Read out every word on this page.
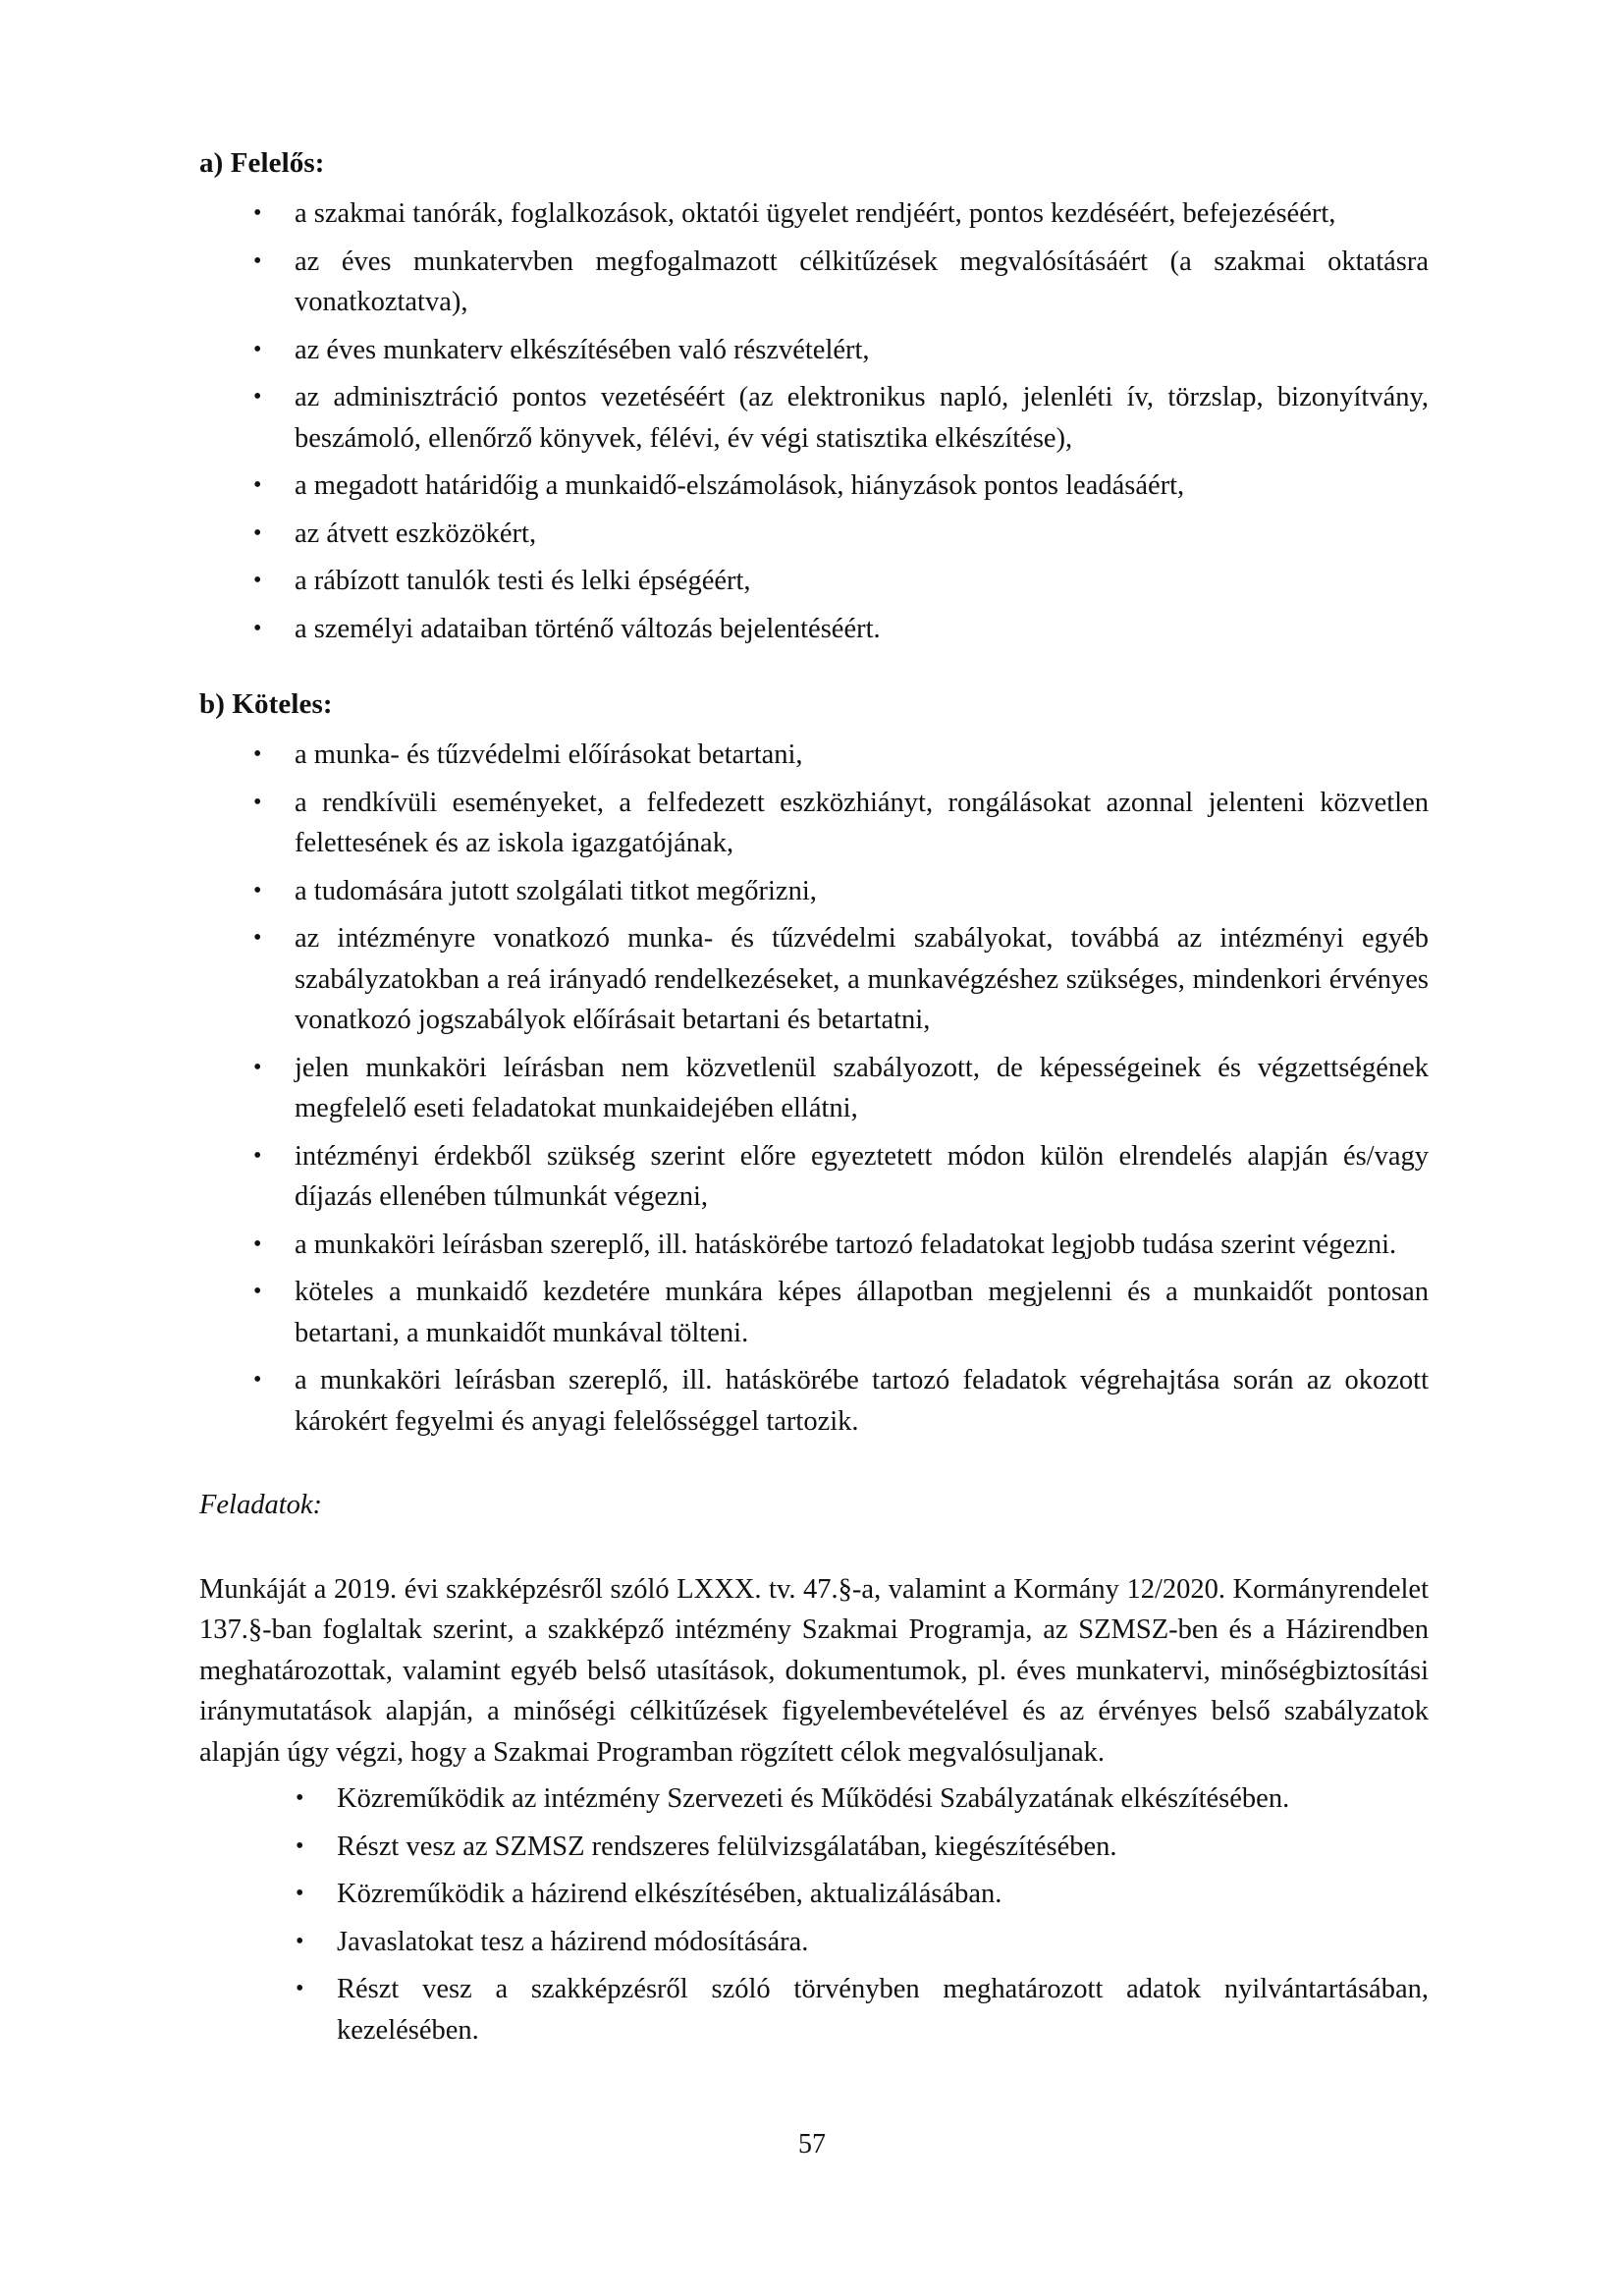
a) Felelős:
• a szakmai tanórák, foglalkozások, oktatói ügyelet rendjéért, pontos kezdéséért, befejezéséért,
• az éves munkatervben megfogalmazott célkitűzések megvalósításáért (a szakmai oktatásra vonatkoztatva),
• az éves munkaterv elkészítésében való részvételért,
• az adminisztráció pontos vezetéséért (az elektronikus napló, jelenléti ív, törzslap, bizonyítvány, beszámoló, ellenőrző könyvek, félévi, év végi statisztika elkészítése),
• a megadott határidőig a munkaidő-elszámolások, hiányzások pontos leadásáért,
• az átvett eszközökért,
• a rábízott tanulók testi és lelki épségéért,
• a személyi adataiban történő változás bejelentéséért.
b) Köteles:
• a munka- és tűzvédelmi előírásokat betartani,
• a rendkívüli eseményeket, a felfedezett eszközhiányt, rongálásokat azonnal jelenteni közvetlen felettesének és az iskola igazgatójának,
• a tudomására jutott szolgálati titkot megőrizni,
• az intézményre vonatkozó munka- és tűzvédelmi szabályokat, továbbá az intézményi egyéb szabályzatokban a reá irányadó rendelkezéseket, a munkavégzéshez szükséges, mindenkori érvényes vonatkozó jogszabályok előírásait betartani és betartatni,
• jelen munkaköri leírásban nem közvetlenül szabályozott, de képességeinek és végzettségének megfelelő eseti feladatokat munkaidejében ellátni,
• intézményi érdekből szükség szerint előre egyeztetett módon külön elrendelés alapján és/vagy díjazás ellenében túlmunkát végezni,
• a munkaköri leírásban szereplő, ill. hatáskörébe tartozó feladatokat legjobb tudása szerint végezni.
• köteles a munkaidő kezdetére munkára képes állapotban megjelenni és a munkaidőt pontosan betartani, a munkaidőt munkával tölteni.
• a munkaköri leírásban szereplő, ill. hatáskörébe tartozó feladatok végrehajtása során az okozott károkért fegyelmi és anyagi felelősséggel tartozik.
Feladatok:

Munkáját a 2019. évi szakképzésről szóló LXXX. tv. 47.§-a, valamint a Kormány 12/2020. Kormányrendelet 137.§-ban foglaltak szerint, a szakképző intézmény Szakmai Programja, az SZMSZ-ben és a Házirendben meghatározottak, valamint egyéb belső utasítások, dokumentumok, pl. éves munkatervi, minőségbiztosítási iránymutatások alapján, a minőségi célkitűzések figyelembevételével és az érvényes belső szabályzatok alapján úgy végzi, hogy a Szakmai Programban rögzített célok megvalósuljanak.

• Közreműködik az intézmény Szervezeti és Működési Szabályzatának elkészítésében.
• Részt vesz az SZMSZ rendszeres felülvizsgálatában, kiegészítésében.
• Közreműködik a házirend elkészítésében, aktualizálásában.
• Javaslatokat tesz a házirend módosítására.
• Részt vesz a szakképzésről szóló törvényben meghatározott adatok nyilvántartásában, kezelésében.
57
